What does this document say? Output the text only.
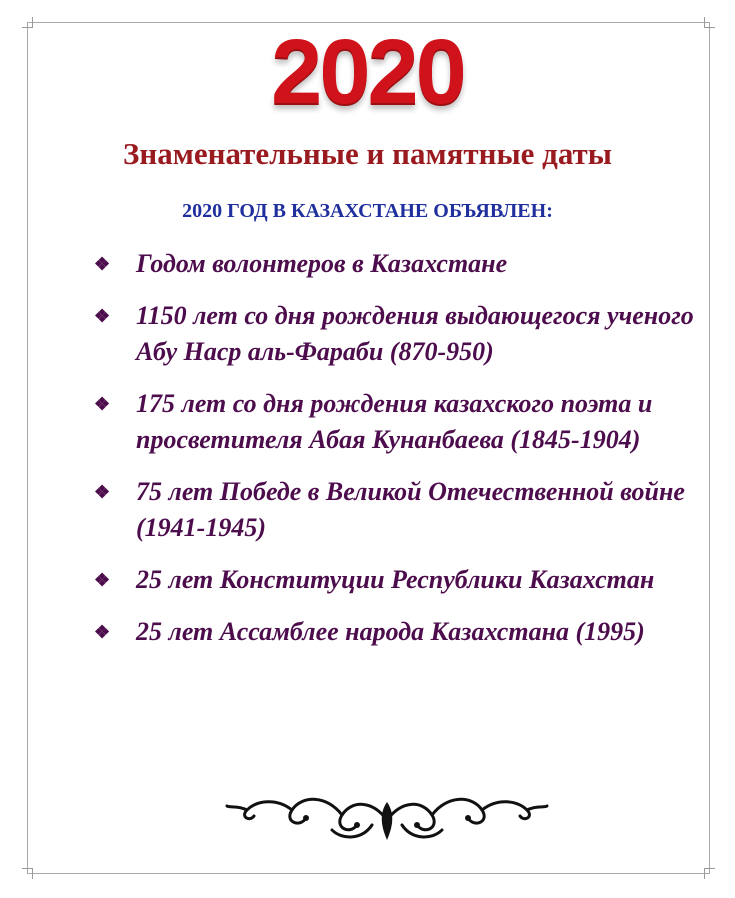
2020
Знаменательные и памятные даты
2020 ГОД В КАЗАХСТАНЕ ОБЪЯВЛЕН:
❖ Годом волонтеров в Казахстане
❖ 1150 лет со дня рождения выдающегося ученого Абу Наср аль-Фараби (870-950)
❖ 175 лет со дня рождения казахского поэта и просветителя Абая Кунанбаева (1845-1904)
❖ 75 лет Победе в Великой Отечественной войне (1941-1945)
❖ 25 лет Конституции Республики Казахстан
❖ 25 лет Ассамблее народа Казахстана (1995)
